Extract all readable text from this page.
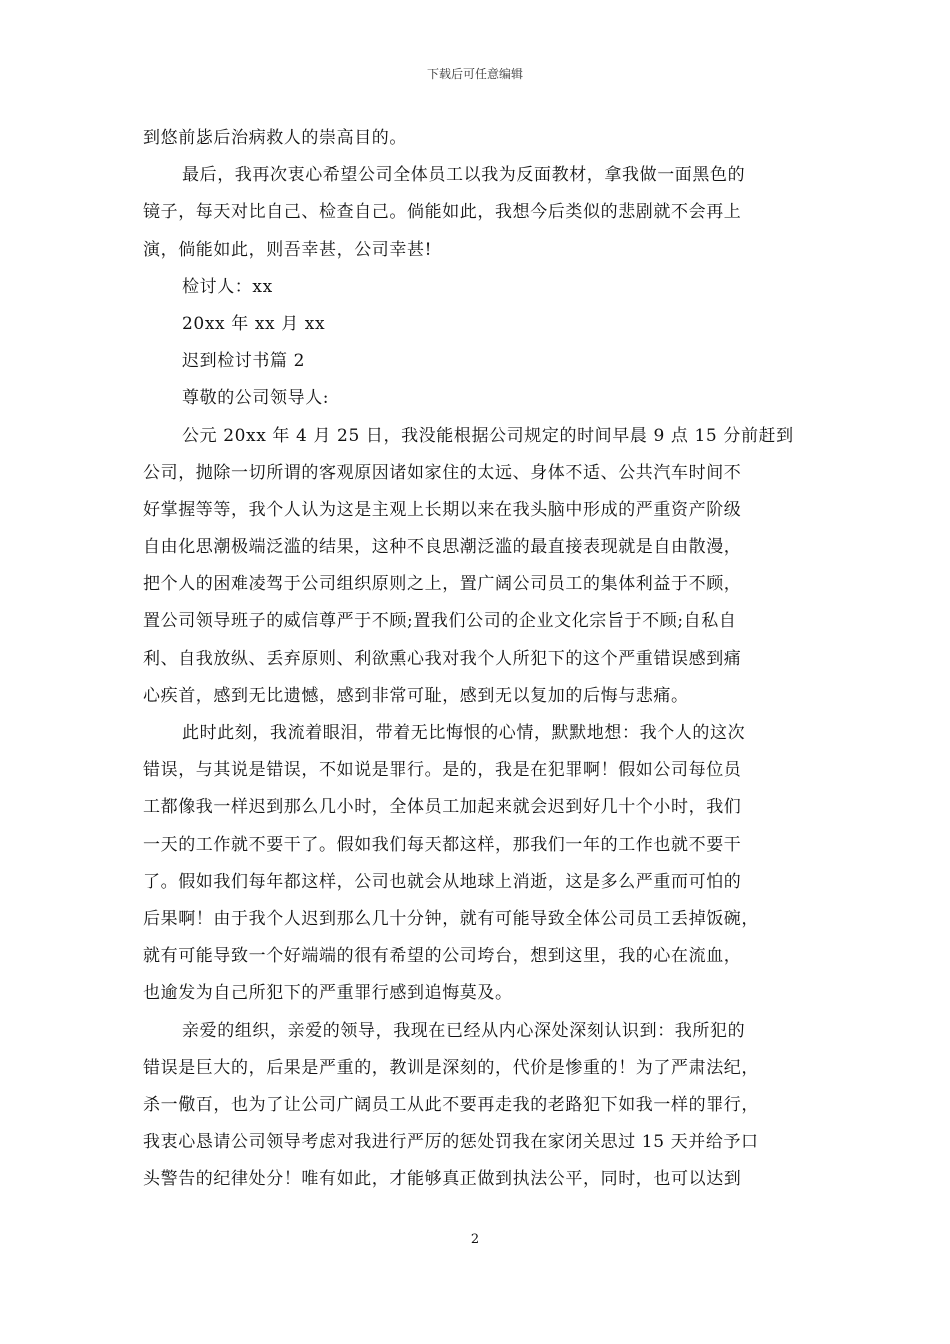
下载后可任意编辑
到悠前毖后治病救人的崇高目的。
最后，我再次衷心希望公司全体员工以我为反面教材，拿我做一面黑色的
镜子，每天对比自己、检查自己。倘能如此，我想今后类似的悲剧就不会再上
演，倘能如此，则吾幸甚，公司幸甚!
检讨人：xx
20xx 年 xx 月 xx
迟到检讨书篇 2
尊敬的公司领导人:
公元 20xx 年 4 月 25 日，我没能根据公司规定的时间早晨 9 点 15 分前赶到
公司，抛除一切所谓的客观原因诸如家住的太远、身体不适、公共汽车时间不
好掌握等等，我个人认为这是主观上长期以来在我头脑中形成的严重资产阶级
自由化思潮极端泛滥的结果，这种不良思潮泛滥的最直接表现就是自由散漫，
把个人的困难凌驾于公司组织原则之上，置广阔公司员工的集体利益于不顾，
置公司领导班子的威信尊严于不顾;置我们公司的企业文化宗旨于不顾;自私自
利、自我放纵、丢弃原则、利欲熏心我对我个人所犯下的这个严重错误感到痛
心疾首，感到无比遗憾，感到非常可耻，感到无以复加的后悔与悲痛。
此时此刻，我流着眼泪，带着无比悔恨的心情，默默地想：我个人的这次
错误，与其说是错误，不如说是罪行。是的，我是在犯罪啊！假如公司每位员
工都像我一样迟到那么几小时，全体员工加起来就会迟到好几十个小时，我们
一天的工作就不要干了。假如我们每天都这样，那我们一年的工作也就不要干
了。假如我们每年都这样，公司也就会从地球上消逝，这是多么严重而可怕的
后果啊！由于我个人迟到那么几十分钟，就有可能导致全体公司员工丢掉饭碗，
就有可能导致一个好端端的很有希望的公司垮台，想到这里，我的心在流血，
也逾发为自己所犯下的严重罪行感到追悔莫及。
亲爱的组织，亲爱的领导，我现在已经从内心深处深刻认识到：我所犯的
错误是巨大的，后果是严重的，教训是深刻的，代价是惨重的！为了严肃法纪，
杀一儆百，也为了让公司广阔员工从此不要再走我的老路犯下如我一样的罪行，
我衷心恳请公司领导考虑对我进行严厉的惩处罚我在家闭关思过 15 天并给予口
头警告的纪律处分！唯有如此，才能够真正做到执法公平，同时，也可以达到
2
